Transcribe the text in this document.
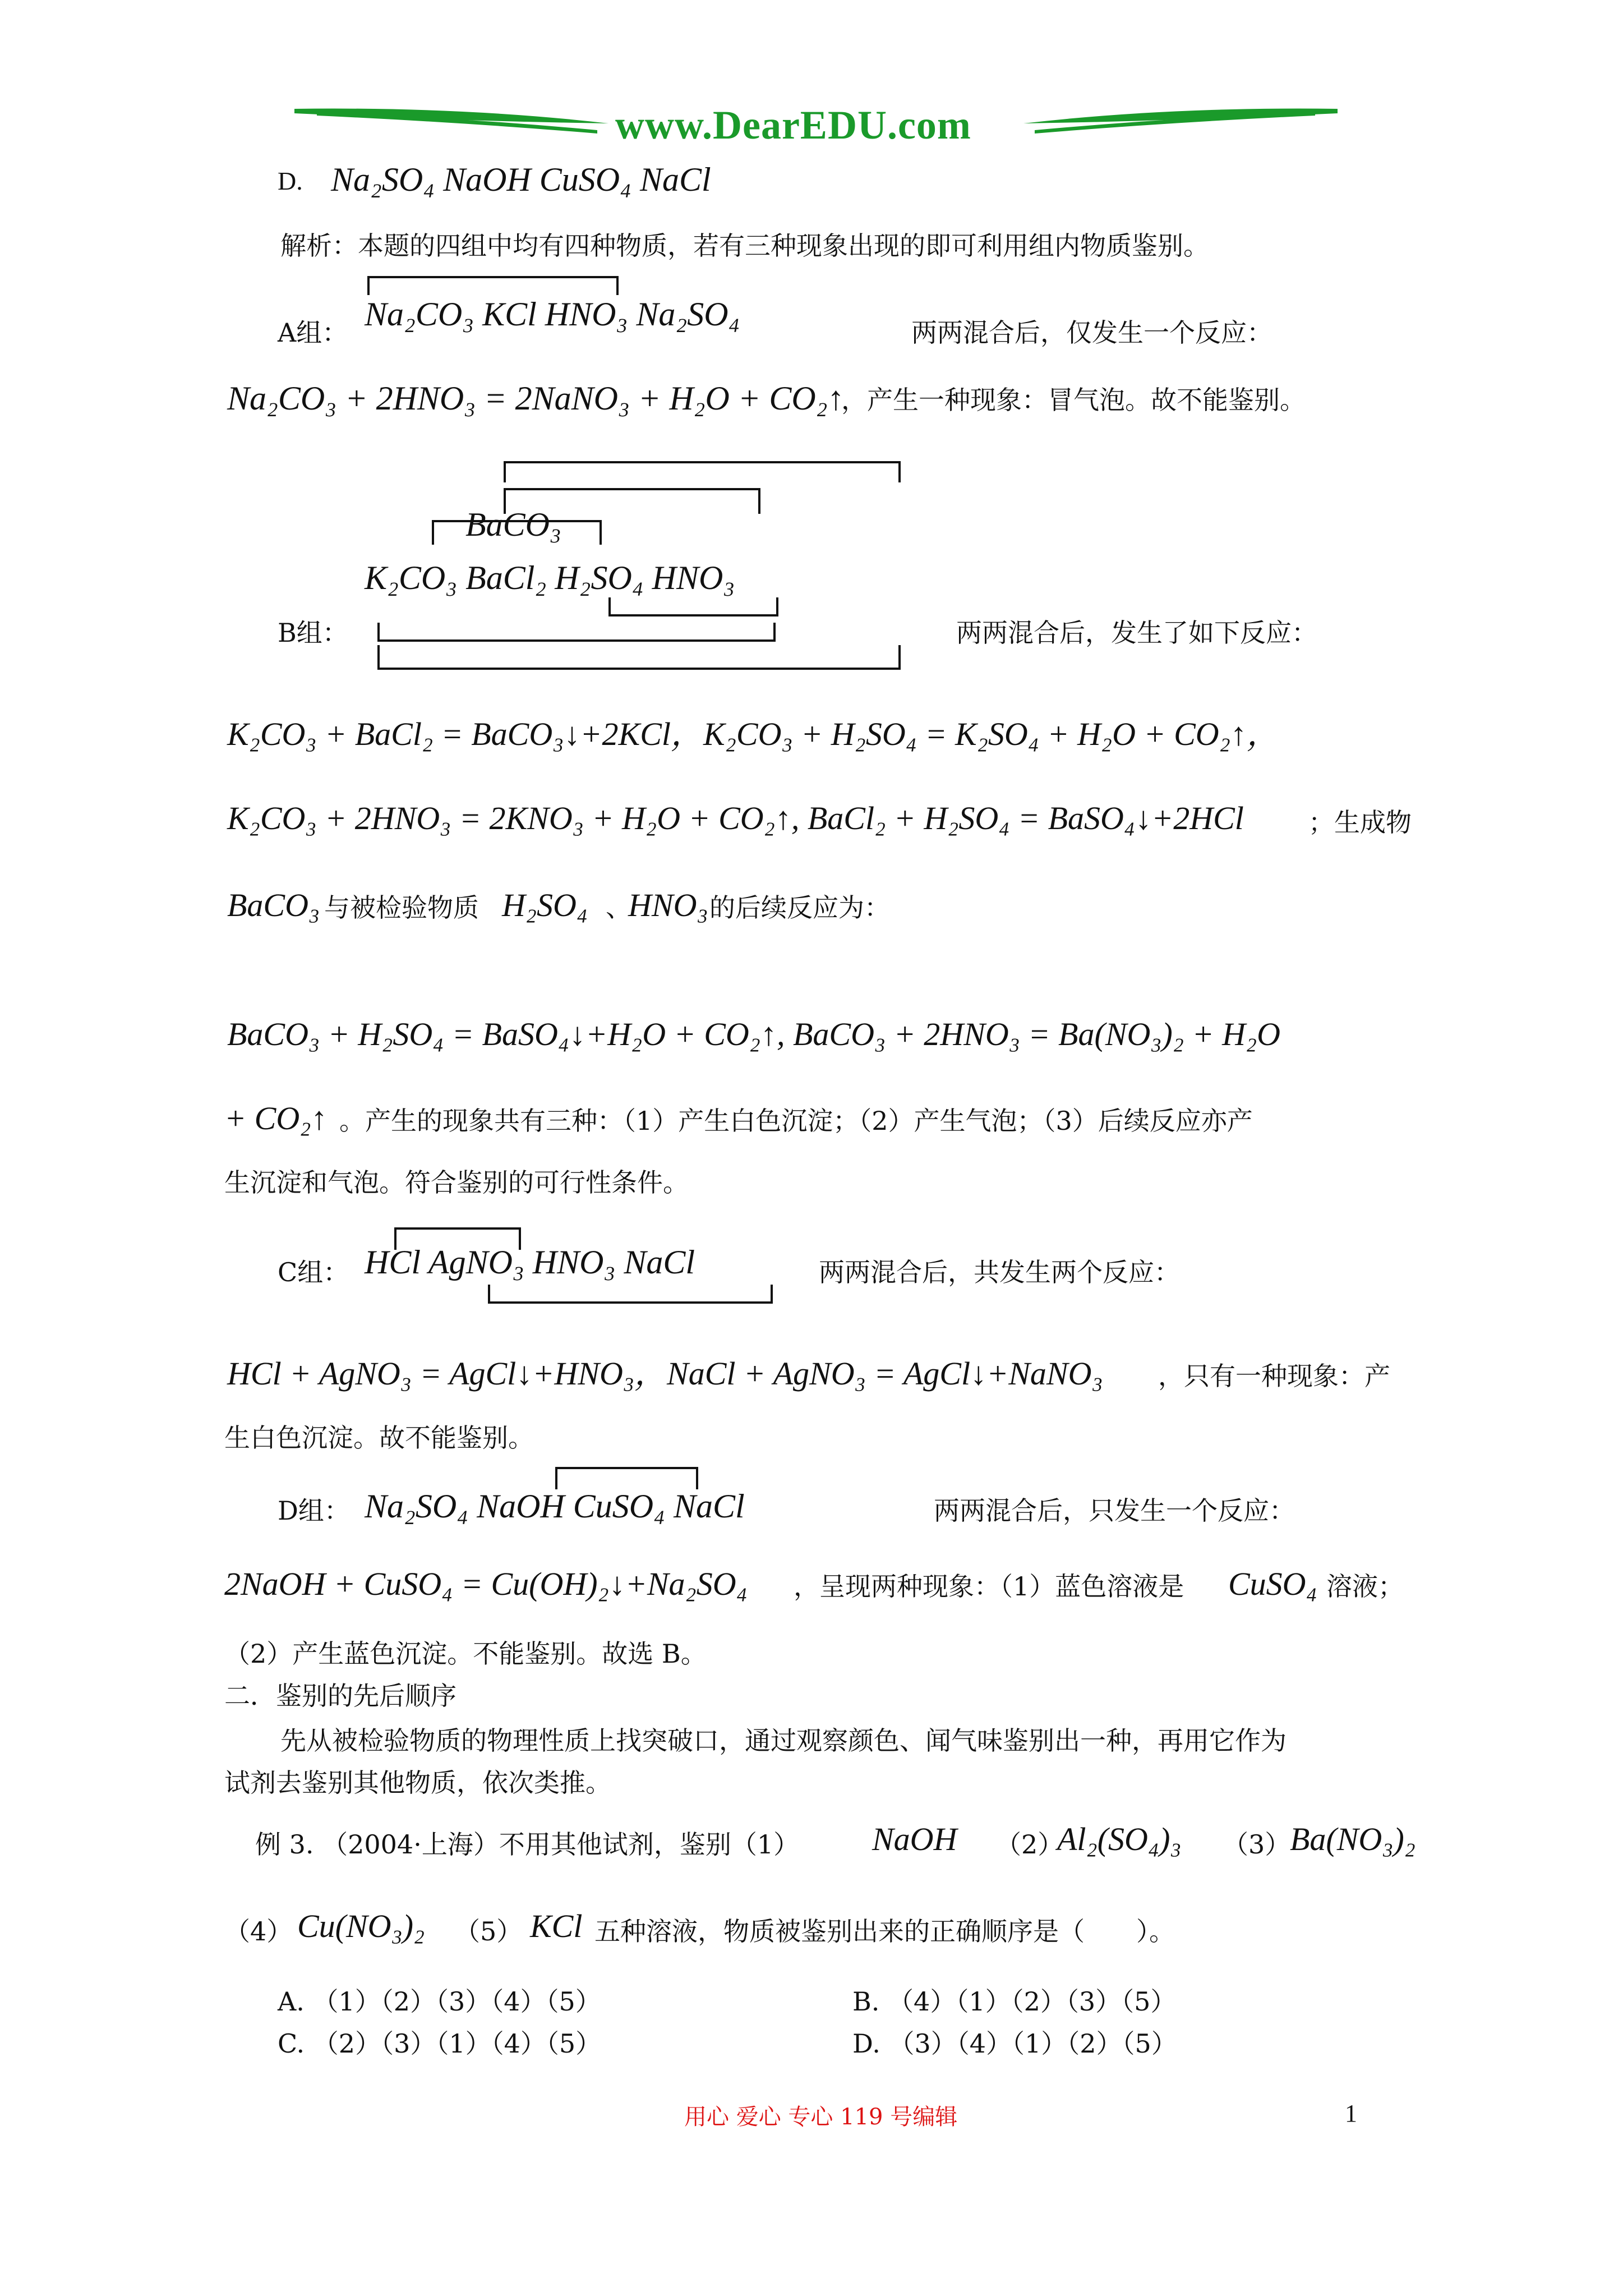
www.DearEDU.com
D. Na₂SO₄ NaOH CuSO₄ NaCl
解析：本题的四组中均有四种物质，若有三种现象出现的即可利用组内物质鉴别。
A组： Na₂CO₃ KCl HNO₃ Na₂SO₄	两两混合后，仅发生一个反应：
Na₂CO₃ + 2HNO₃ = 2NaNO₃ + H₂O + CO₂↑
，产生一种现象：冒气泡。故不能鉴别。
BaCO₃
K₂CO₃ BaCl₂ H₂SO₄ HNO₃
B组：	两两混合后，发生了如下反应：
K₂CO₃ + BaCl₂ = BaCO₃↓+2KCl，K₂CO₃ + H₂SO₄ = K₂SO₄ + H₂O + CO₂↑，
K₂CO₃ + 2HNO₃ = 2KNO₃ + H₂O + CO₂↑, BaCl₂ + H₂SO₄ = BaSO₄↓+2HCl	；生成物
BaCO₃ 与被检验物质 H₂SO₄ 、
HNO₃ 的后续反应为：
BaCO₃ + H₂SO₄ = BaSO₄↓+H₂O + CO₂↑, BaCO₃ + 2HNO₃ = Ba(NO₃)₂ + H₂O
+ CO₂↑ 。产生的现象共有三种：（1）产生白色沉淀；（2）产生气泡；（3）后续反应亦产
生沉淀和气泡。符合鉴别的可行性条件。
C组： HCl AgNO₃ HNO₃ NaCl	两两混合后，共发生两个反应：
HCl + AgNO₃ = AgCl↓+HNO₃，NaCl + AgNO₃ = AgCl↓+NaNO₃ ，只有一种现象：产
生白色沉淀。故不能鉴别。
D组： Na₂SO₄ NaOH CuSO₄ NaCl	两两混合后，只发生一个反应：
2NaOH + CuSO₄ = Cu(OH)₂↓+Na₂SO₄ ，呈现两种现象：（1）蓝色溶液是 CuSO₄ 溶液；
（2）产生蓝色沉淀。不能鉴别。故选 B。
二．鉴别的先后顺序
先从被检验物质的物理性质上找突破口，通过观察颜色、闻气味鉴别出一种，再用它作为
试剂去鉴别其他物质，依次类推。
例 3. （2004·上海）不用其他试剂，鉴别（1） NaOH （2）
Al₂(SO₄)₃ （3）
Ba(NO₃)₂
（4） Cu(NO₃)₂ （5） KCl 五种溶液，物质被鉴别出来的正确顺序是（　　）。
A. （1）（2）（3）（4）（5）	B. （4）（1）（2）（3）（5）
C. （2）（3）（1）（4）（5）	D. （3）（4）（1）（2）（5）
用心 爱心 专心 119 号编辑	1
